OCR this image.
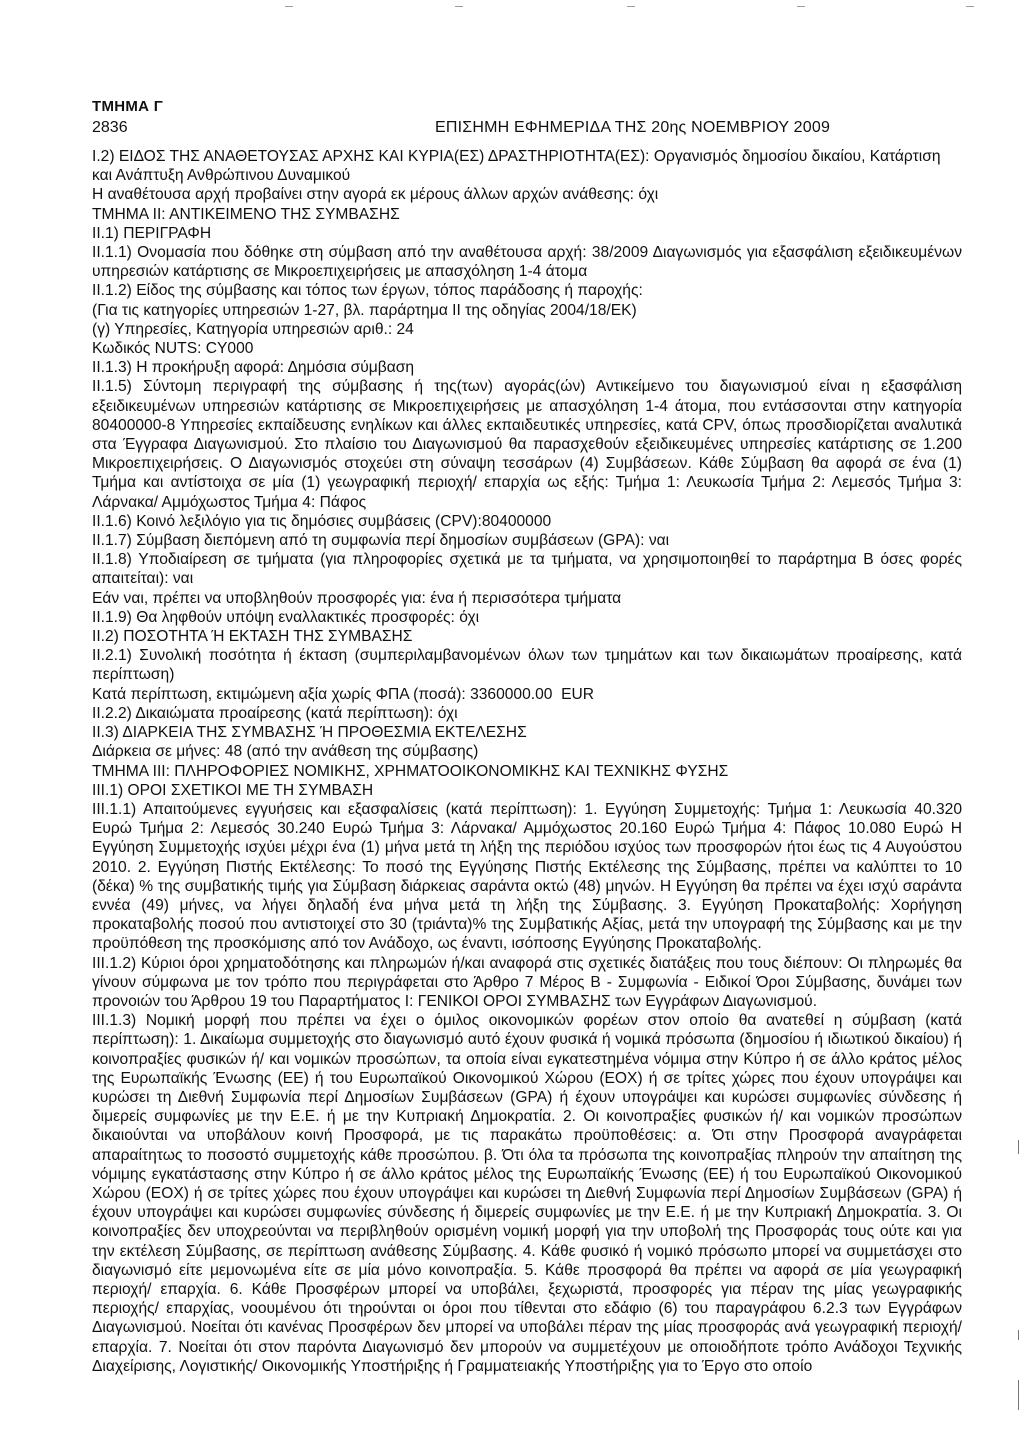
ΤΜΗΜΑ Γ
2836	ΕΠΙΣΗΜΗ ΕΦΗΜΕΡΙΔΑ ΤΗΣ 20ης ΝΟΕΜΒΡΙΟΥ 2009

Ι.2) ΕΙΔΟΣ ΤΗΣ ΑΝΑΘΕΤΟΥΣΑΣ ΑΡΧΗΣ ΚΑΙ ΚΥΡΙΑ(ΕΣ) ΔΡΑΣΤΗΡΙΟΤΗΤΑ(ΕΣ): Οργανισμός δημοσίου δικαίου, Κατάρτιση και Ανάπτυξη Ανθρώπινου Δυναμικού

Η αναθέτουσα αρχή προβαίνει στην αγορά εκ μέρους άλλων αρχών ανάθεσης: όχι

ΤΜΗΜΑ ΙΙ: ΑΝΤΙΚΕΙΜΕΝΟ ΤΗΣ ΣΥΜΒΑΣΗΣ

ΙΙ.1) ΠΕΡΙΓΡΑΦΗ

ΙΙ.1.1) Ονομασία που δόθηκε στη σύμβαση από την αναθέτουσα αρχή: 38/2009 Διαγωνισμός για εξασφάλιση εξειδικευμένων υπηρεσιών κατάρτισης σε Μικροεπιχειρήσεις με απασχόληση 1-4 άτομα

ΙΙ.1.2) Είδος της σύμβασης και τόπος των έργων, τόπος παράδοσης ή παροχής:

(Για τις κατηγορίες υπηρεσιών 1-27, βλ. παράρτημα ΙΙ της οδηγίας 2004/18/ΕΚ)

(γ) Υπηρεσίες, Κατηγορία υπηρεσιών αριθ.: 24

Κωδικός NUTS: CY000

ΙΙ.1.3) Η προκήρυξη αφορά: Δημόσια σύμβαση

ΙΙ.1.5) Σύντομη περιγραφή της σύμβασης ή της(των) αγοράς(ών) Αντικείμενο του διαγωνισμού είναι η εξασφάλιση εξειδικευμένων υπηρεσιών κατάρτισης σε Μικροεπιχειρήσεις με απασχόληση 1-4 άτομα, που εντάσσονται στην κατηγορία 80400000-8 Υπηρεσίες εκπαίδευσης ενηλίκων και άλλες εκπαιδευτικές υπηρεσίες, κατά CPV, όπως προσδιορίζεται αναλυτικά στα Έγγραφα Διαγωνισμού. Στο πλαίσιο του Διαγωνισμού θα παρασχεθούν εξειδικευμένες υπηρεσίες κατάρτισης σε 1.200 Μικροεπιχειρήσεις. Ο Διαγωνισμός στοχεύει στη σύναψη τεσσάρων (4) Συμβάσεων. Κάθε Σύμβαση θα αφορά σε ένα (1) Τμήμα και αντίστοιχα σε μία (1) γεωγραφική περιοχή/ επαρχία ως εξής: Τμήμα 1: Λευκωσία Τμήμα 2: Λεμεσός Τμήμα 3: Λάρνακα/ Αμμόχωστος Τμήμα 4: Πάφος

ΙΙ.1.6) Κοινό λεξιλόγιο για τις δημόσιες συμβάσεις (CPV):80400000

ΙΙ.1.7) Σύμβαση διεπόμενη από τη συμφωνία περί δημοσίων συμβάσεων (GPA): ναι

ΙΙ.1.8) Υποδιαίρεση σε τμήματα (για πληροφορίες σχετικά με τα τμήματα, να χρησιμοποιηθεί το παράρτημα Β όσες φορές απαιτείται): ναι

Εάν ναι, πρέπει να υποβληθούν προσφορές για: ένα ή περισσότερα τμήματα

ΙΙ.1.9) Θα ληφθούν υπόψη εναλλακτικές προσφορές: όχι

ΙΙ.2) ΠΟΣΟΤΗΤΑ Ή ΕΚΤΑΣΗ ΤΗΣ ΣΥΜΒΑΣΗΣ

ΙΙ.2.1) Συνολική ποσότητα ή έκταση (συμπεριλαμβανομένων όλων των τμημάτων και των δικαιωμάτων προαίρεσης, κατά περίπτωση)

Κατά περίπτωση, εκτιμώμενη αξία χωρίς ΦΠΑ (ποσά): 3360000.00  EUR

ΙΙ.2.2) Δικαιώματα προαίρεσης (κατά περίπτωση): όχι

ΙΙ.3) ΔΙΑΡΚΕΙΑ ΤΗΣ ΣΥΜΒΑΣΗΣ Ή ΠΡΟΘΕΣΜΙΑ ΕΚΤΕΛΕΣΗΣ

Διάρκεια σε μήνες: 48 (από την ανάθεση της σύμβασης)

ΤΜΗΜΑ ΙΙΙ: ΠΛΗΡΟΦΟΡΙΕΣ ΝΟΜΙΚΗΣ, ΧΡΗΜΑΤΟΟΙΚΟΝΟΜΙΚΗΣ ΚΑΙ ΤΕΧΝΙΚΗΣ ΦΥΣΗΣ

ΙΙΙ.1) ΟΡΟΙ ΣΧΕΤΙΚΟΙ ΜΕ ΤΗ ΣΥΜΒΑΣΗ

ΙΙΙ.1.1) Απαιτούμενες εγγυήσεις και εξασφαλίσεις (κατά περίπτωση): 1. Εγγύηση Συμμετοχής: Τμήμα 1: Λευκωσία 40.320 Ευρώ Τμήμα 2: Λεμεσός 30.240 Ευρώ Τμήμα 3: Λάρνακα/ Αμμόχωστος 20.160 Ευρώ Τμήμα 4: Πάφος 10.080 Ευρώ Η Εγγύηση Συμμετοχής ισχύει μέχρι ένα (1) μήνα μετά τη λήξη της περιόδου ισχύος των προσφορών ήτοι έως τις 4 Αυγούστου 2010. 2. Εγγύηση Πιστής Εκτέλεσης: Το ποσό της Εγγύησης Πιστής Εκτέλεσης της Σύμβασης, πρέπει να καλύπτει το 10 (δέκα) % της συμβατικής τιμής για Σύμβαση διάρκειας σαράντα οκτώ (48) μηνών. Η Εγγύηση θα πρέπει να έχει ισχύ σαράντα εννέα (49) μήνες, να λήγει δηλαδή ένα μήνα μετά τη λήξη της Σύμβασης. 3. Εγγύηση Προκαταβολής: Χορήγηση προκαταβολής ποσού που αντιστοιχεί στο 30 (τριάντα)% της Συμβατικής Αξίας, μετά την υπογραφή της Σύμβασης και με την προϋπόθεση της προσκόμισης από τον Ανάδοχο, ως έναντι, ισόποσης Εγγύησης Προκαταβολής.

ΙΙΙ.1.2) Κύριοι όροι χρηματοδότησης και πληρωμών ή/και αναφορά στις σχετικές διατάξεις που τους διέπουν: Οι πληρωμές θα γίνουν σύμφωνα με τον τρόπο που περιγράφεται στο Άρθρο 7 Μέρος Β - Συμφωνία - Ειδικοί Όροι Σύμβασης, δυνάμει των προνοιών του Άρθρου 19 του Παραρτήματος Ι: ΓΕΝΙΚΟΙ ΟΡΟΙ ΣΥΜΒΑΣΗΣ των Εγγράφων Διαγωνισμού.

ΙΙΙ.1.3) Νομική μορφή που πρέπει να έχει ο όμιλος οικονομικών φορέων στον οποίο θα ανατεθεί η σύμβαση (κατά περίπτωση): 1. Δικαίωμα συμμετοχής στο διαγωνισμό αυτό έχουν φυσικά ή νομικά πρόσωπα (δημοσίου ή ιδιωτικού δικαίου) ή κοινοπραξίες φυσικών ή/ και νομικών προσώπων, τα οποία είναι εγκατεστημένα νόμιμα στην Κύπρο ή σε άλλο κράτος μέλος της Ευρωπαϊκής Ένωσης (ΕΕ) ή του Ευρωπαϊκού Οικονομικού Χώρου (ΕΟΧ) ή σε τρίτες χώρες που έχουν υπογράψει και κυρώσει τη Διεθνή Συμφωνία περί Δημοσίων Συμβάσεων (GPA) ή έχουν υπογράψει και κυρώσει συμφωνίες σύνδεσης ή διμερείς συμφωνίες με την Ε.Ε. ή με την Κυπριακή Δημοκρατία. 2. Οι κοινοπραξίες φυσικών ή/ και νομικών προσώπων δικαιούνται να υποβάλουν κοινή Προσφορά, με τις παρακάτω προϋποθέσεις: α. Ότι στην Προσφορά αναγράφεται απαραίτητως το ποσοστό συμμετοχής κάθε προσώπου. β. Ότι όλα τα πρόσωπα της κοινοπραξίας πληρούν την απαίτηση της νόμιμης εγκατάστασης στην Κύπρο ή σε άλλο κράτος μέλος της Ευρωπαϊκής Ένωσης (ΕΕ) ή του Ευρωπαϊκού Οικονομικού Χώρου (ΕΟΧ) ή σε τρίτες χώρες που έχουν υπογράψει και κυρώσει τη Διεθνή Συμφωνία περί Δημοσίων Συμβάσεων (GPA) ή έχουν υπογράψει και κυρώσει συμφωνίες σύνδεσης ή διμερείς συμφωνίες με την Ε.Ε. ή με την Κυπριακή Δημοκρατία. 3. Οι κοινοπραξίες δεν υποχρεούνται να περιβληθούν ορισμένη νομική μορφή για την υποβολή της Προσφοράς τους ούτε και για την εκτέλεση Σύμβασης, σε περίπτωση ανάθεσης Σύμβασης. 4. Κάθε φυσικό ή νομικό πρόσωπο μπορεί να συμμετάσχει στο διαγωνισμό είτε μεμονωμένα είτε σε μία μόνο κοινοπραξία. 5. Κάθε προσφορά θα πρέπει να αφορά σε μία γεωγραφική περιοχή/ επαρχία. 6. Κάθε Προσφέρων μπορεί να υποβάλει, ξεχωριστά, προσφορές για πέραν της μίας γεωγραφικής περιοχής/ επαρχίας, νοουμένου ότι τηρούνται οι όροι που τίθενται στο εδάφιο (6) του παραγράφου 6.2.3 των Εγγράφων Διαγωνισμού. Νοείται ότι κανένας Προσφέρων δεν μπορεί να υποβάλει πέραν της μίας προσφοράς ανά γεωγραφική περιοχή/ επαρχία. 7. Νοείται ότι στον παρόντα Διαγωνισμό δεν μπορούν να συμμετέχουν με οποιοδήποτε τρόπο Ανάδοχοι Τεχνικής Διαχείρισης, Λογιστικής/ Οικονομικής Υποστήριξης ή Γραμματειακής Υποστήριξης για το Έργο στο οποίο
